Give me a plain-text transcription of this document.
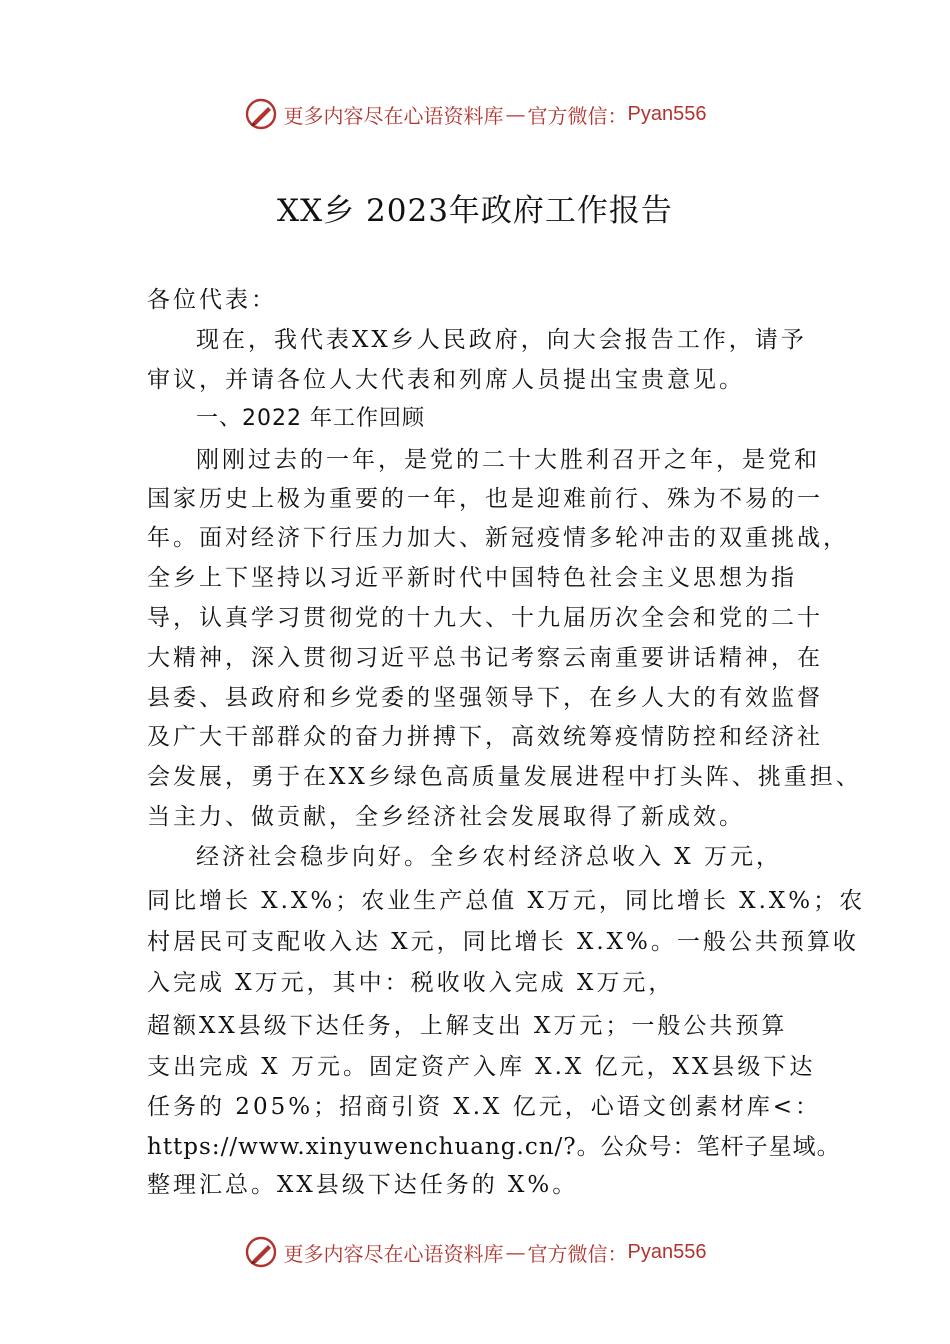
更多内容尽在心语资料库 — 官方微信： Pyan556
XX乡 2023年政府工作报告
各位代表：
现在，我代表XX乡人民政府，向大会报告工作，请予
审议，并请各位人大代表和列席人员提出宝贵意见。
一、2022 年工作回顾
刚刚过去的一年，是党的二十大胜利召开之年，是党和
国家历史上极为重要的一年，也是迎难前行、殊为不易的一
年。面对经济下行压力加大、新冠疫情多轮冲击的双重挑战，
全乡上下坚持以习近平新时代中国特色社会主义思想为指
导，认真学习贯彻党的十九大、十九届历次全会和党的二十
大精神，深入贯彻习近平总书记考察云南重要讲话精神，在
县委、县政府和乡党委的坚强领导下，在乡人大的有效监督
及广大干部群众的奋力拼搏下，高效统筹疫情防控和经济社
会发展，勇于在XX乡绿色高质量发展进程中打头阵、挑重担、
当主力、做贡献，全乡经济社会发展取得了新成效。
经济社会稳步向好。全乡农村经济总收入 X 万元，
同比增长 X.X%；农业生产总值 X万元，同比增长 X.X%；农
村居民可支配收入达 X元，同比增长 X.X%。一般公共预算收
入完成 X万元，其中：税收收入完成 X万元，
超额XX县级下达任务，上解支出 X万元；一般公共预算
支出完成 X 万元。固定资产入库 X.X 亿元，XX县级下达
任务的 205%；招商引资 X.X 亿元，心语文创素材库<：
https://www.xinyuwenchuang.cn/?。公众号：笔杆子星域。
整理汇总。XX县级下达任务的 X%。
更多内容尽在心语资料库 — 官方微信： Pyan556
